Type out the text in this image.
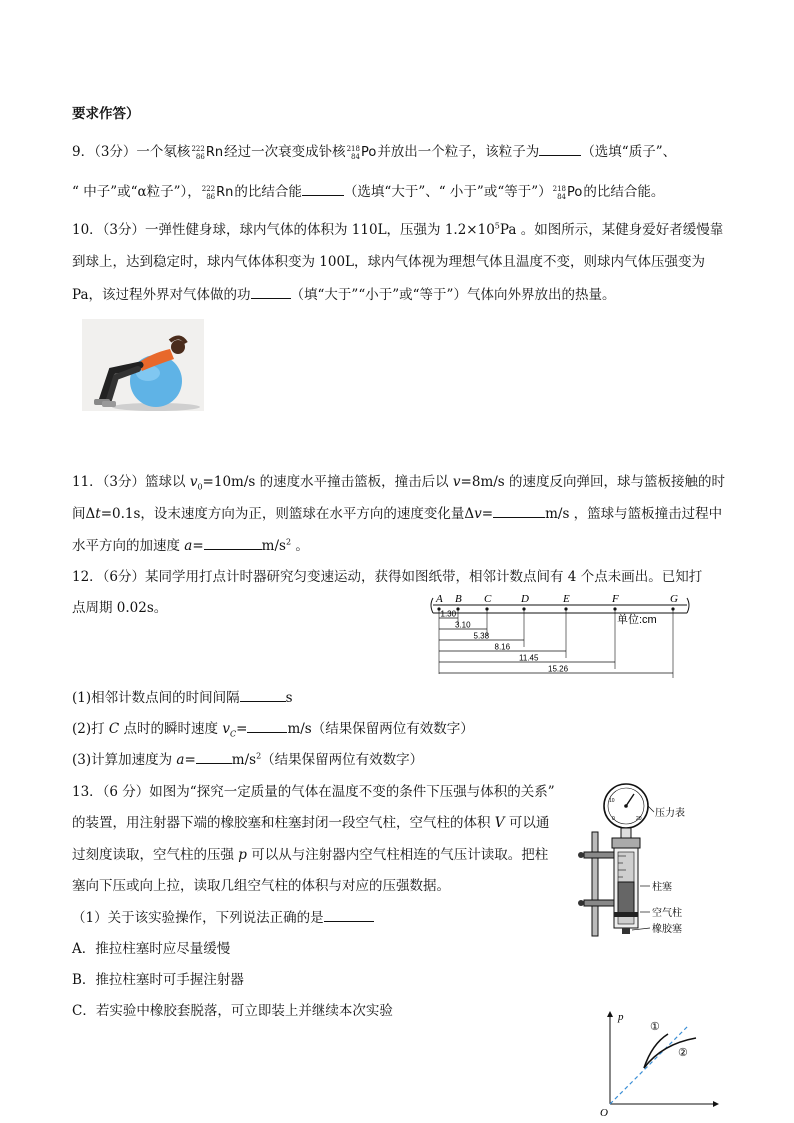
要求作答）
9．（3分）一个氡核 222
86 Rn 经过一次衰变成钋核 218
84 Po 并放出一个粒子，该粒子为	（选填“质子”、
“ 中子”或“α粒子”）， 222
86 Rn 的比结合能	（选填“大于”、“ 小于”或“等于”） 218
84 Po 的比结合能。
10．（3分）一弹性健身球，球内气体的体积为 110L，压强为 $1.2\times 10^5Pa$ 。如图所示，某健身爱好者缓慢靠
到球上，达到稳定时，球内气体体积变为 100L，球内气体视为理想气体且温度不变，则球内气体压强变为
Pa，该过程外界对气体做的功	（填“大于”“小于”或“等于”）气体向外界放出的热量。
11．（3分）篮球以 $v_0=10m/s$ 的速度水平撞击篮板，撞击后以 v=8m/s 的速度反向弹回，球与篮板接触的时
间Δt=0.1s，设末速度方向为正，则篮球在水平方向的速度变化量Δv=	m/s ，篮球与篮板撞击过程中
水平方向的加速度 a=	$m/s^2$ 。
12．（6分）某同学用打点计时器研究匀变速运动，获得如图纸带，相邻计数点间有 4 个点未画出。已知打
点周期 0.02s。
A B C	D	E	F	G
1.30
3.10
5.38
8.16
11.45
15.26
单位:cm
(1)相邻计数点间的时间间隔	s
(2)打 C 点时的瞬时速度 $v_C=$	m/s（结果保留两位有效数字）
(3)计算加速度为 a=	$m/s^2$（结果保留两位有效数字）
13．（6 分）如图为“探究一定质量的气体在温度不变的条件下压强与体积的关系”
的装置，用注射器下端的橡胶塞和柱塞封闭一段空气柱，空气柱的体积 V 可以通
过刻度读取，空气柱的压强 p 可以从与注射器内空气柱相连的气压计读取。把柱
塞向下压或向上拉，读取几组空气柱的体积与对应的压强数据。
（1）关于该实验操作，下列说法正确的是
A．推拉柱塞时应尽量缓慢
B．推拉柱塞时可手握注射器
C．若实验中橡胶套脱落，可立即装上并继续本次实验
0
10
20 压力表
柱塞
空气柱
橡胶塞
p
O
①
②
